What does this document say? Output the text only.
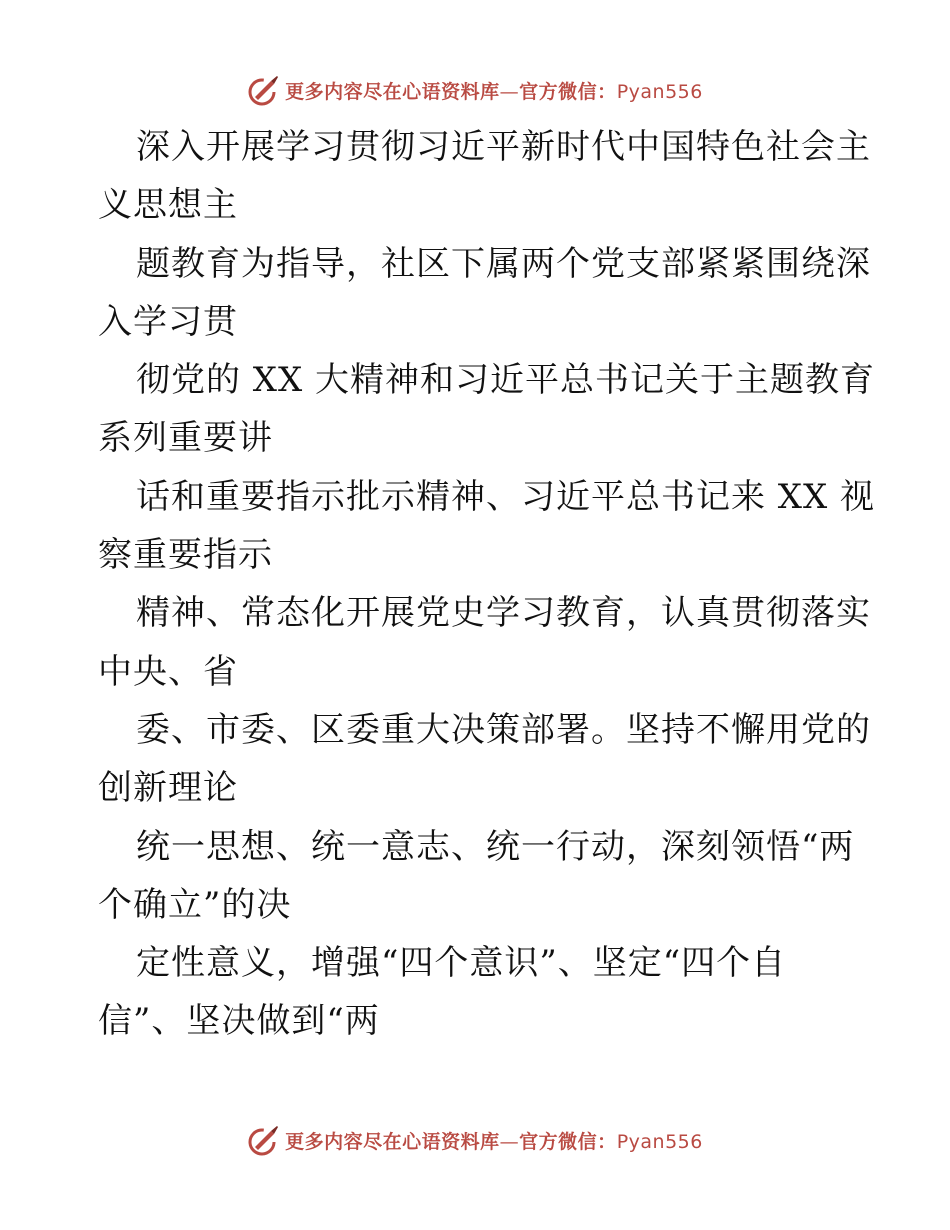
更多内容尽在心语资料库—官方微信：Pyan556
深入开展学习贯彻习近平新时代中国特色社会主
义思想主
题教育为指导，社区下属两个党支部紧紧围绕深
入学习贯
彻党的 XX 大精神和习近平总书记关于主题教育
系列重要讲
话和重要指示批示精神、习近平总书记来 XX 视
察重要指示
精神、常态化开展党史学习教育，认真贯彻落实
中央、省
委、市委、区委重大决策部署。坚持不懈用党的
创新理论
统一思想、统一意志、统一行动，深刻领悟“两
个确立”的决
定性意义，增强“四个意识”、坚定“四个自
信”、坚决做到“两
更多内容尽在心语资料库—官方微信：Pyan556
